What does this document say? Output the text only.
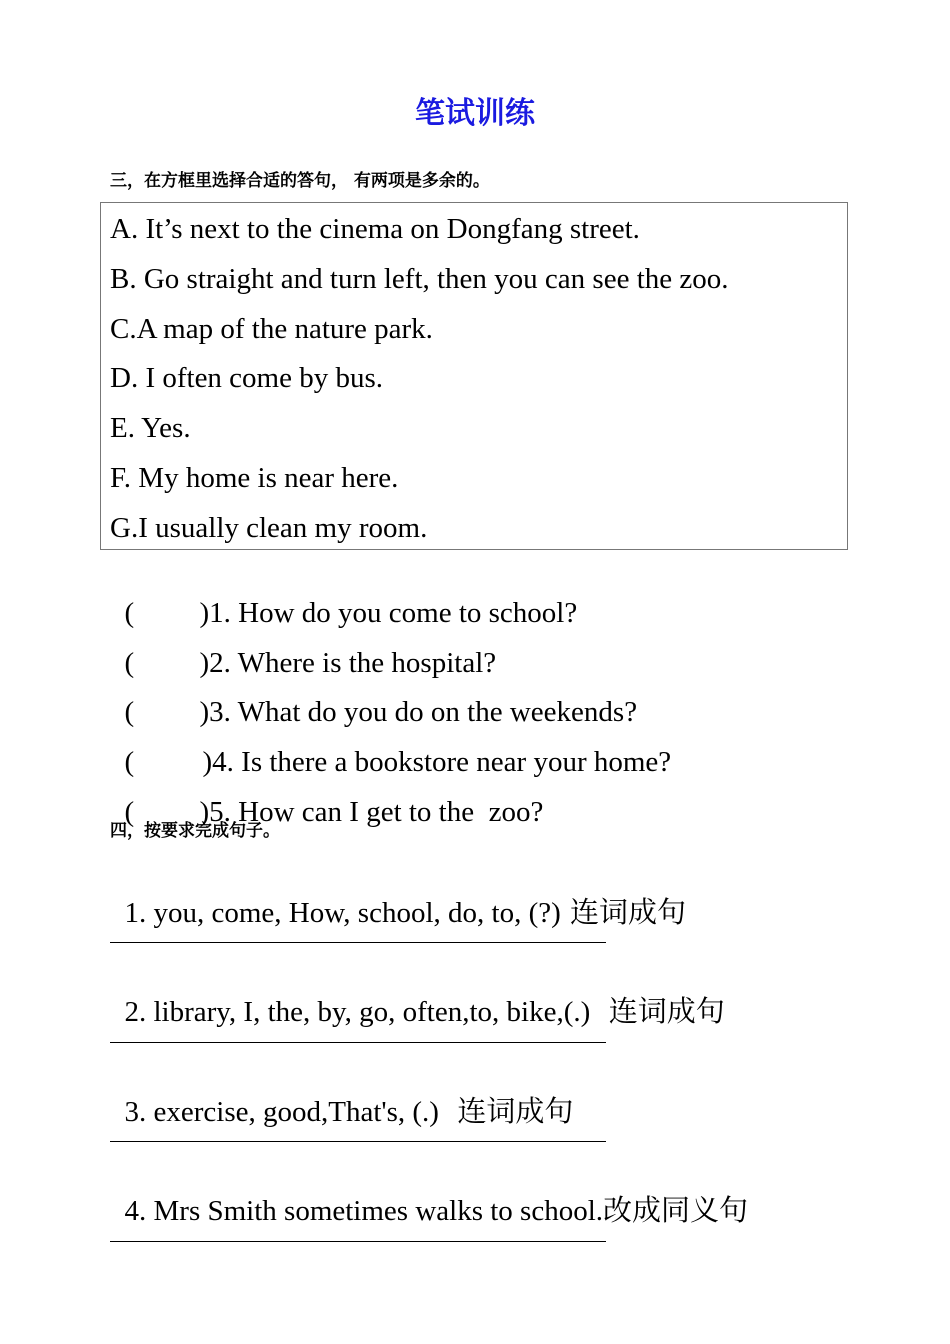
笔试训练
三，在方框里选择合适的答句， 有两项是多余的。
A. It’s next to the cinema on Dongfang street.
B. Go straight and turn left, then you can see the zoo.
C.A map of the nature park.
D. I often come by bus.
E. Yes.
F. My home is near here.
G.I usually clean my room.

( )1. How do you come to school?

( )2. Where is the hospital?

( )3. What do you do on the weekends?

( )4. Is there a bookstore near your home?

( )5. How can I get to the  zoo?

四，按要求完成句子。

1. you, come, How, school, do, to, (?) 连词成句

2. library, I, the, by, go, often,to, bike,(.)  连词成句

3. exercise, good,That's, (.)  连词成句

4. Mrs Smith sometimes walks to school.改成同义句
